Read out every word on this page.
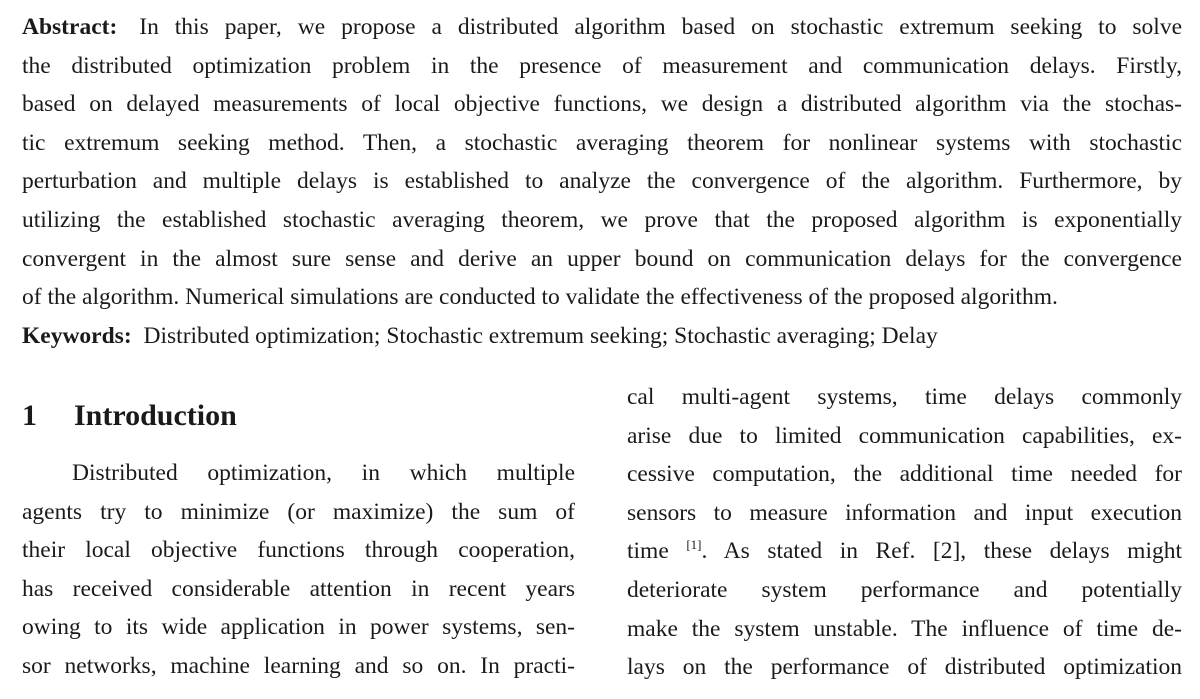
Abstract: In this paper, we propose a distributed algorithm based on stochastic extremum seeking to solve
the distributed optimization problem in the presence of measurement and communication delays. Firstly,
based on delayed measurements of local objective functions, we design a distributed algorithm via the stochas-
tic extremum seeking method. Then, a stochastic averaging theorem for nonlinear systems with stochastic
perturbation and multiple delays is established to analyze the convergence of the algorithm. Furthermore, by
utilizing the established stochastic averaging theorem, we prove that the proposed algorithm is exponentially
convergent in the almost sure sense and derive an upper bound on communication delays for the convergence
of the algorithm. Numerical simulations are conducted to validate the effectiveness of the proposed algorithm.
Keywords: Distributed optimization; Stochastic extremum seeking; Stochastic averaging; Delay
1 Introduction
Distributed optimization, in which multiple
agents try to minimize (or maximize) the sum of
their local objective functions through cooperation,
has received considerable attention in recent years
owing to its wide application in power systems, sen-
sor networks, machine learning and so on. In practi-
cal multi-agent systems, time delays commonly
arise due to limited communication capabilities, ex-
cessive computation, the additional time needed for
sensors to measure information and input execution
time [1]. As stated in Ref. [2], these delays might
deteriorate system performance and potentially
make the system unstable. The influence of time de-
lays on the performance of distributed optimization
